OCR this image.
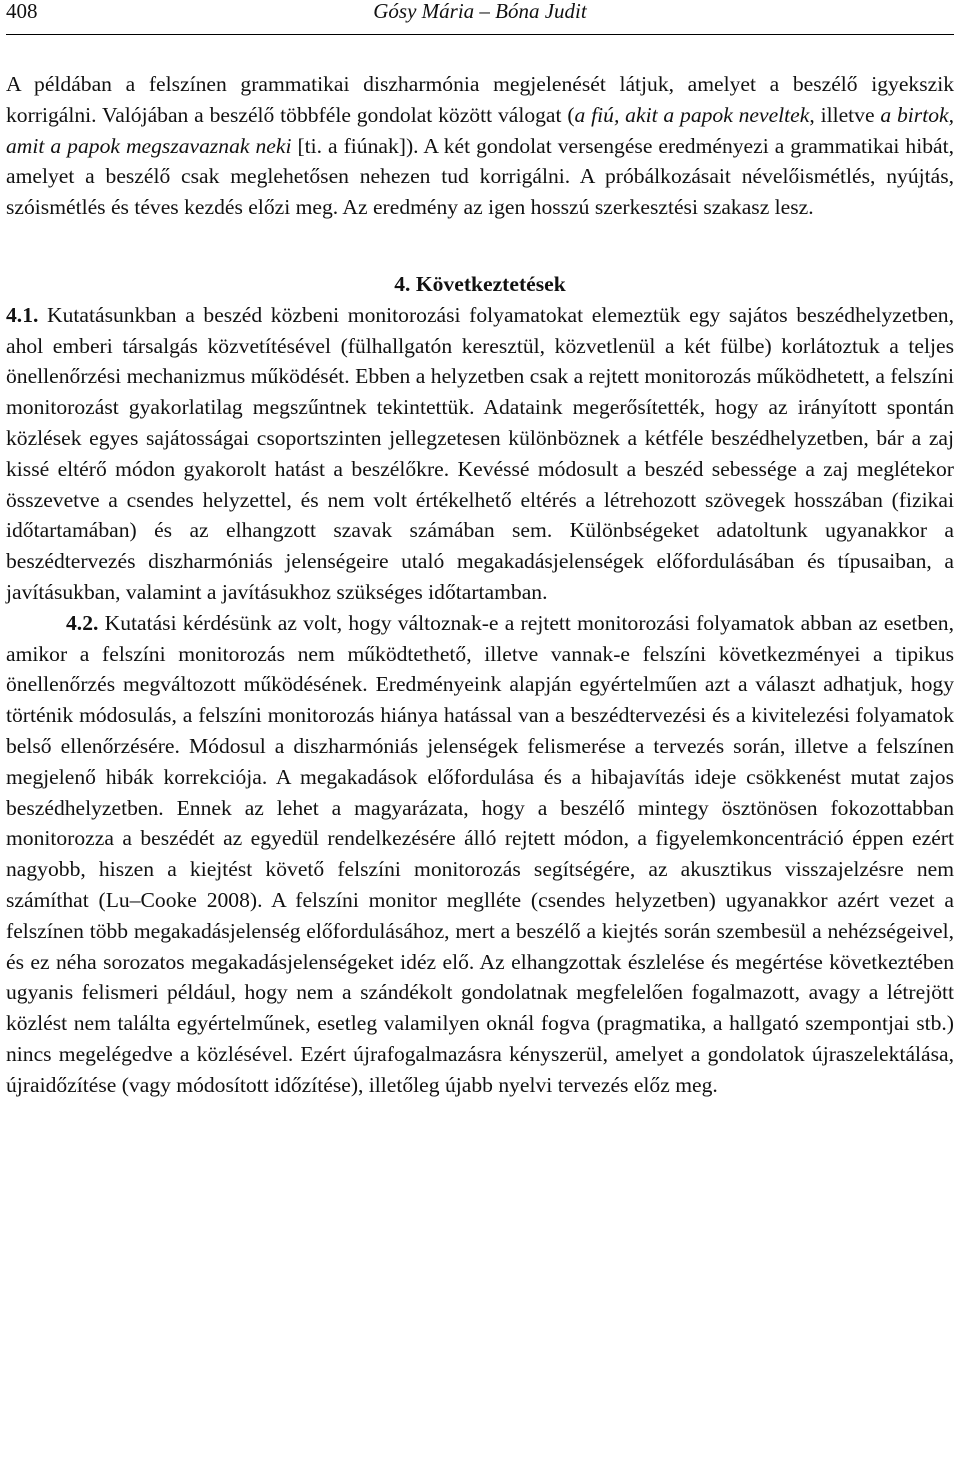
408	Gósy Mária – Bóna Judit

A példában a felszínen grammatikai diszharmónia megjelenését látjuk, amelyet a beszélő igyekszik korrigálni. Valójában a beszélő többféle gondolat között válogat (a fiú, akit a papok neveltek, illetve a birtok, amit a papok megszavaznak neki [ti. a fiúnak]). A két gondolat versengése eredményezi a grammatikai hibát, amelyet a beszélő csak meglehetősen nehezen tud korrigálni. A próbálkozásait névelőismétlés, nyújtás, szóismétlés és téves kezdés előzi meg. Az eredmény az igen hosszú szerkesztési szakasz lesz.

4. Következtetések

4.1. Kutatásunkban a beszéd közbeni monitorozási folyamatokat elemeztük egy sajátos beszédhelyzetben, ahol emberi társalgás közvetítésével (fülhallgatón keresztül, közvetlenül a két fülbe) korlátoztuk a teljes önellenőrzési mechanizmus működését. Ebben a helyzetben csak a rejtett monitorozás működhetett, a felszíni monitorozást gyakorlatilag megszűntnek tekintettük. Adataink megerősítették, hogy az irányított spontán közlések egyes sajátosságai csoportszinten jellegzetesen különböznek a kétféle beszédhelyzetben, bár a zaj kissé eltérő módon gyakorolt hatást a beszélőkre. Kevéssé módosult a beszéd sebessége a zaj meglétekor összevetve a csendes helyzettel, és nem volt értékelhető eltérés a létrehozott szövegek hosszában (fizikai időtartamában) és az elhangzott szavak számában sem. Különbségeket adatoltunk ugyanakkor a beszédtervezés diszharmóniás jelenségeire utaló megakadásjelenségek előfordulásában és típusaiban, a javításukban, valamint a javításukhoz szükséges időtartamban.

4.2. Kutatási kérdésünk az volt, hogy változnak-e a rejtett monitorozási folyamatok abban az esetben, amikor a felszíni monitorozás nem működtethető, illetve vannak-e felszíni következményei a tipikus önellenőrzés megváltozott működésének. Eredményeink alapján egyértelműen azt a választ adhatjuk, hogy történik módosulás, a felszíni monitorozás hiánya hatással van a beszédtervezési és a kivitelezési folyamatok belső ellenőrzésére. Módosul a diszharmóniás jelenségek felismerése a tervezés során, illetve a felszínen megjelenő hibák korrekciója. A megakadások előfordulása és a hibajavítás ideje csökkenést mutat zajos beszédhelyzetben. Ennek az lehet a magyarázata, hogy a beszélő mintegy ösztönösen fokozottabban monitorozza a beszédét az egyedül rendelkezésére álló rejtett módon, a figyelemkoncentráció éppen ezért nagyobb, hiszen a kiejtést követő felszíni monitorozás segítségére, az akusztikus visszajelzésre nem számíthat (Lu–Cooke 2008). A felszíni monitor meglléte (csendes helyzetben) ugyanakkor azért vezet a felszínen több megakadásjelenség előfordulásához, mert a beszélő a kiejtés során szembesül a nehézségeivel, és ez néha sorozatos megakadásjelenségeket idéz elő. Az elhangzottak észlelése és megértése következtében ugyanis felismeri például, hogy nem a szándékolt gondolatnak megfelelően fogalmazott, avagy a létrejött közlést nem találta egyértelműnek, esetleg valamilyen oknál fogva (pragmatika, a hallgató szempontjai stb.) nincs megelégedve a közlésével. Ezért újrafogalmazásra kényszerül, amelyet a gondolatok újraszelektálása, újraidőzítése (vagy módosított időzítése), illetőleg újabb nyelvi tervezés előz meg.
